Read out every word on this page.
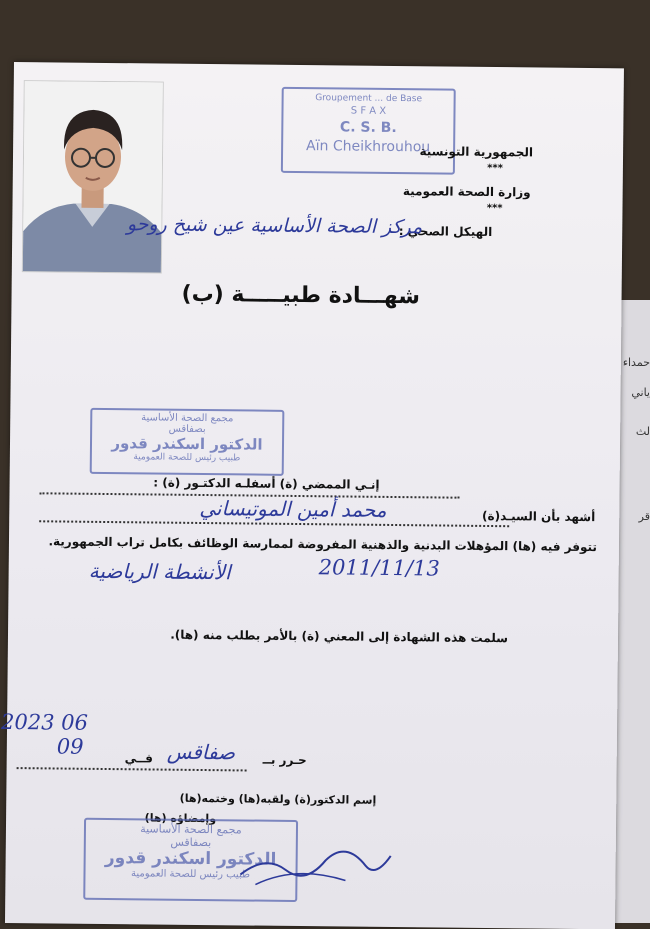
حمداء
ياني
لث
قر
Groupement ... de Base
S F A X
C. S. B.
Aïn Cheikhrouhou
الجمهورية التونسية
***
وزارة الصحة العمومية
***
الهيكل الصحي :
مركز الصحة الأساسية عين شيخ روحو
شهـــادة طبيـــــة (ب)
مجمع الصحة الأساسية
بصفاقس
الدكتور اسكندر قدور
طبيب رئيس للصحة العمومية
إنـي الممضي (ة) أسفلـه الدكتـور (ة) :
أشهد بأن السيـد(ة)
محمد أمين الموتيساني
تتوفر فيه (ها) المؤهلات البدنية والذهنية المفروضة لممارسة الوظائف بكامل تراب الجمهورية.
2011/11/13
الأنشطة الرياضية
سلمت هذه الشهادة إلى المعني (ة) بالأمر بطلب منه (ها).
2023 06
09
حـرر بــ
صفاقس
فــي
إسم الدكتور(ة) ولقبه(ها) وختمه(ها)
وإمضاؤه (ها)
مجمع الصحة الأساسية
بصفاقس
الدكتور اسكندر قدور
طبيب رئيس للصحة العمومية
